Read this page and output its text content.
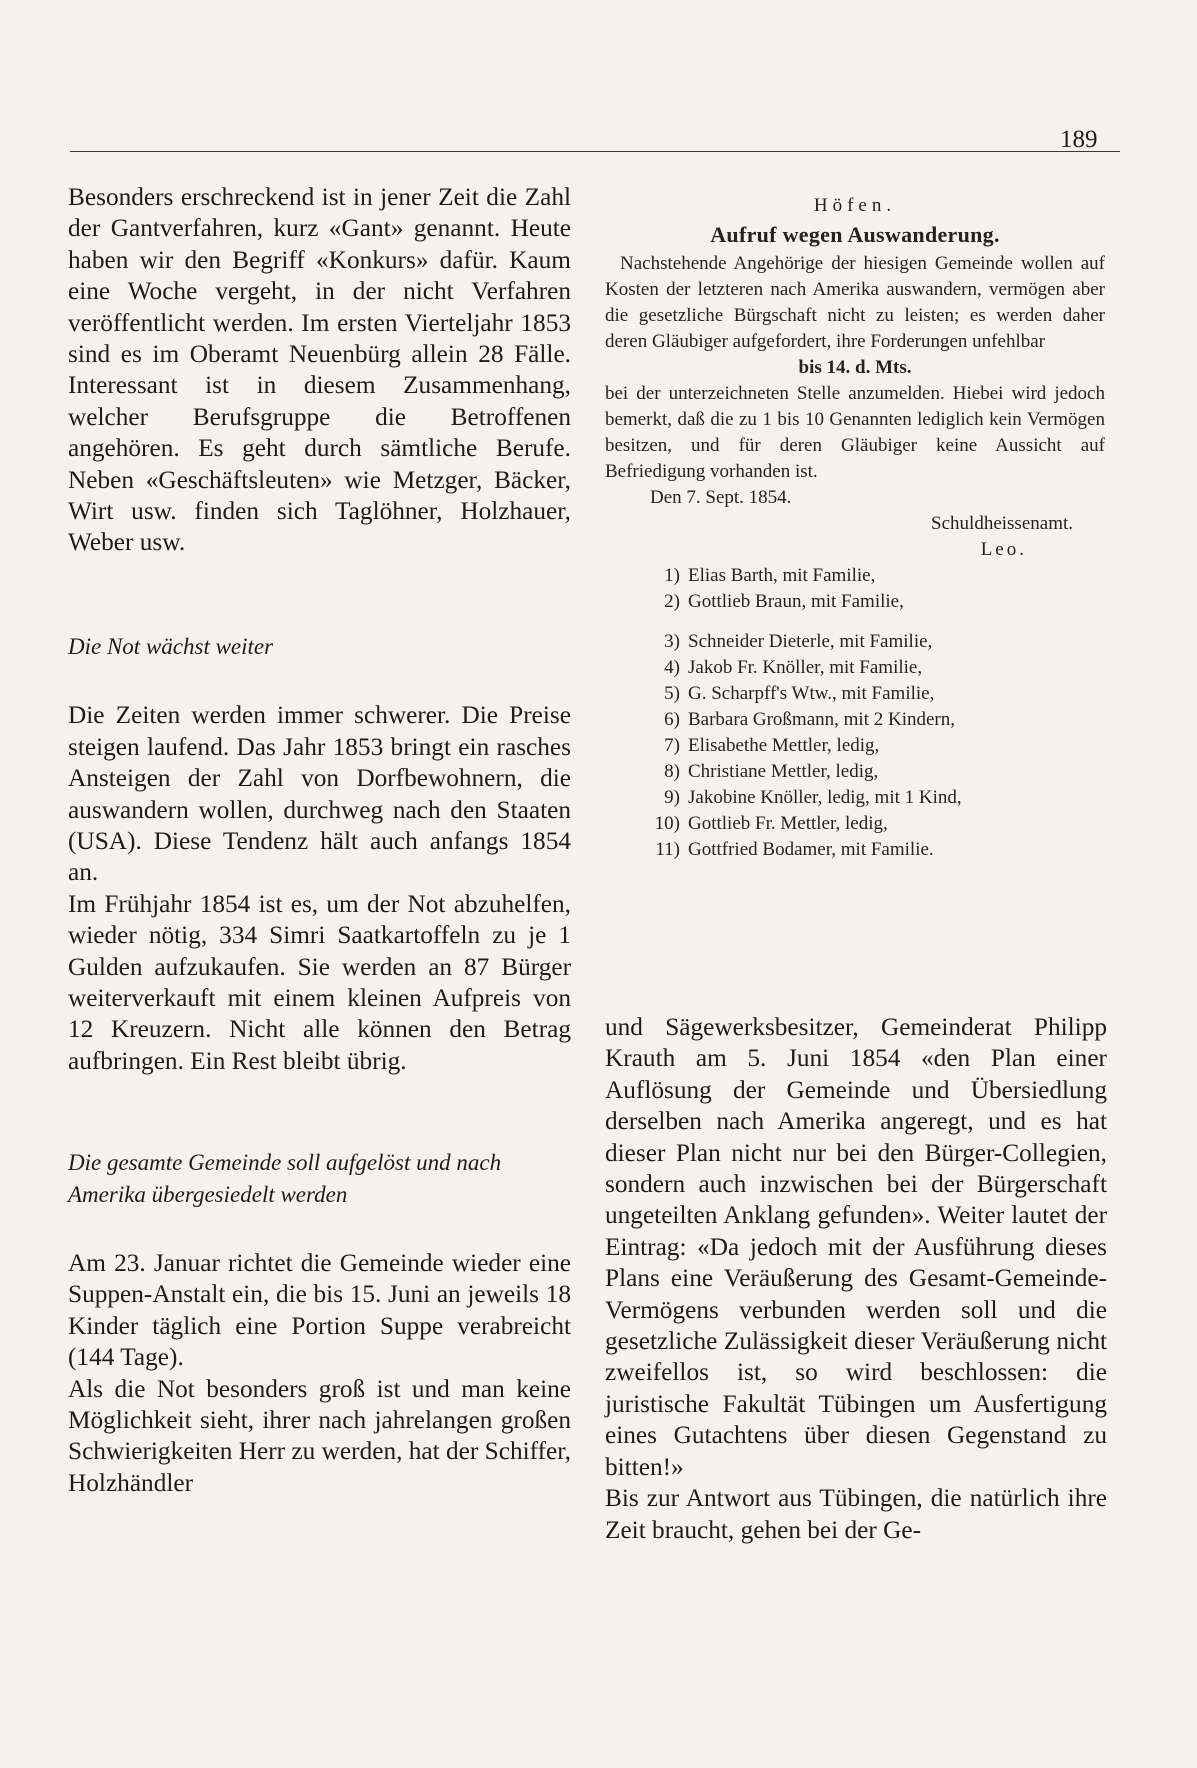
189

Besonders erschreckend ist in jener Zeit die Zahl der Gantverfahren, kurz «Gant» genannt. Heute haben wir den Begriff «Konkurs» dafür. Kaum eine Woche vergeht, in der nicht Verfahren veröffentlicht werden. Im ersten Vierteljahr 1853 sind es im Oberamt Neuenbürg allein 28 Fälle. Interessant ist in diesem Zusammenhang, welcher Berufsgruppe die Betroffenen angehören. Es geht durch sämtliche Berufe. Neben «Geschäftsleuten» wie Metzger, Bäcker, Wirt usw. finden sich Taglöhner, Holzhauer, Weber usw.

Die Not wächst weiter

Die Zeiten werden immer schwerer. Die Preise steigen laufend. Das Jahr 1853 bringt ein rasches Ansteigen der Zahl von Dorfbewohnern, die auswandern wollen, durchweg nach den Staaten (USA). Diese Tendenz hält auch anfangs 1854 an.

Im Frühjahr 1854 ist es, um der Not abzuhelfen, wieder nötig, 334 Simri Saatkartoffeln zu je 1 Gulden aufzukaufen. Sie werden an 87 Bürger weiterverkauft mit einem kleinen Aufpreis von 12 Kreuzern. Nicht alle können den Betrag aufbringen. Ein Rest bleibt übrig.

Die gesamte Gemeinde soll aufgelöst und nach Amerika übergesiedelt werden

Am 23. Januar richtet die Gemeinde wieder eine Suppen-Anstalt ein, die bis 15. Juni an jeweils 18 Kinder täglich eine Portion Suppe verabreicht (144 Tage).

Als die Not besonders groß ist und man keine Möglichkeit sieht, ihrer nach jahrelangen großen Schwierigkeiten Herr zu werden, hat der Schiffer, Holzhändler

Höfen.
Aufruf wegen Auswanderung.
Nachstehende Angehörige der hiesigen Gemeinde wollen auf Kosten der letzteren nach Amerika auswandern, vermögen aber die gesetzliche Bürgschaft nicht zu leisten; es werden daher deren Gläubiger aufgefordert, ihre Forderungen unfehlbar
bis 14. d. Mts.
bei der unterzeichneten Stelle anzumelden. Hiebei wird jedoch bemerkt, daß die zu 1 bis 10 Genannten lediglich kein Vermögen besitzen, und für deren Gläubiger keine Aussicht auf Befriedigung vorhanden ist.
Den 7. Sept. 1854.
Schuldheissenamt.
Leo.
1) Elias Barth, mit Familie,
2) Gottlieb Braun, mit Familie,
3) Schneider Dieterle, mit Familie,
4) Jakob Fr. Knöller, mit Familie,
5) G. Scharpff's Wtw., mit Familie,
6) Barbara Großmann, mit 2 Kindern,
7) Elisabethe Mettler, ledig,
8) Christiane Mettler, ledig,
9) Jakobine Knöller, ledig, mit 1 Kind,
10) Gottlieb Fr. Mettler, ledig,
11) Gottfried Bodamer, mit Familie.

und Sägewerksbesitzer, Gemeinderat Philipp Krauth am 5. Juni 1854 «den Plan einer Auflösung der Gemeinde und Übersiedlung derselben nach Amerika angeregt, und es hat dieser Plan nicht nur bei den Bürger-Collegien, sondern auch inzwischen bei der Bürgerschaft ungeteilten Anklang gefunden». Weiter lautet der Eintrag: «Da jedoch mit der Ausführung dieses Plans eine Veräußerung des Gesamt-Gemeinde-Vermögens verbunden werden soll und die gesetzliche Zulässigkeit dieser Veräußerung nicht zweifellos ist, so wird beschlossen: die juristische Fakultät Tübingen um Ausfertigung eines Gutachtens über diesen Gegenstand zu bitten!»

Bis zur Antwort aus Tübingen, die natürlich ihre Zeit braucht, gehen bei der Ge-
